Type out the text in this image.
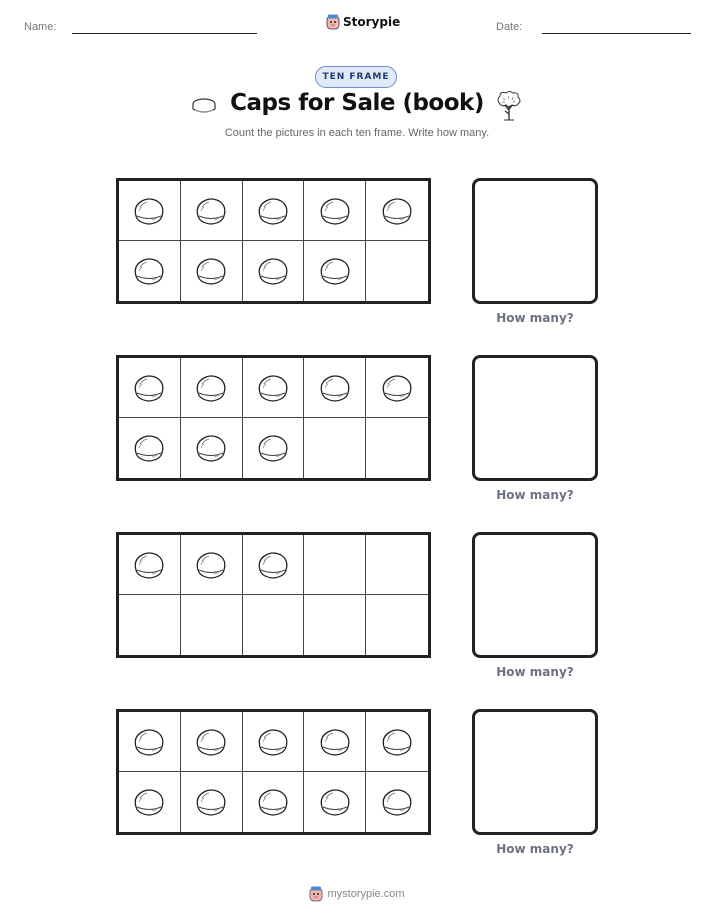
Name:	Storypie	Date:
TEN FRAME
Caps for Sale (book)
Count the pictures in each ten frame. Write how many.
How many?
How many?
How many?
How many?
mystorypie.com
